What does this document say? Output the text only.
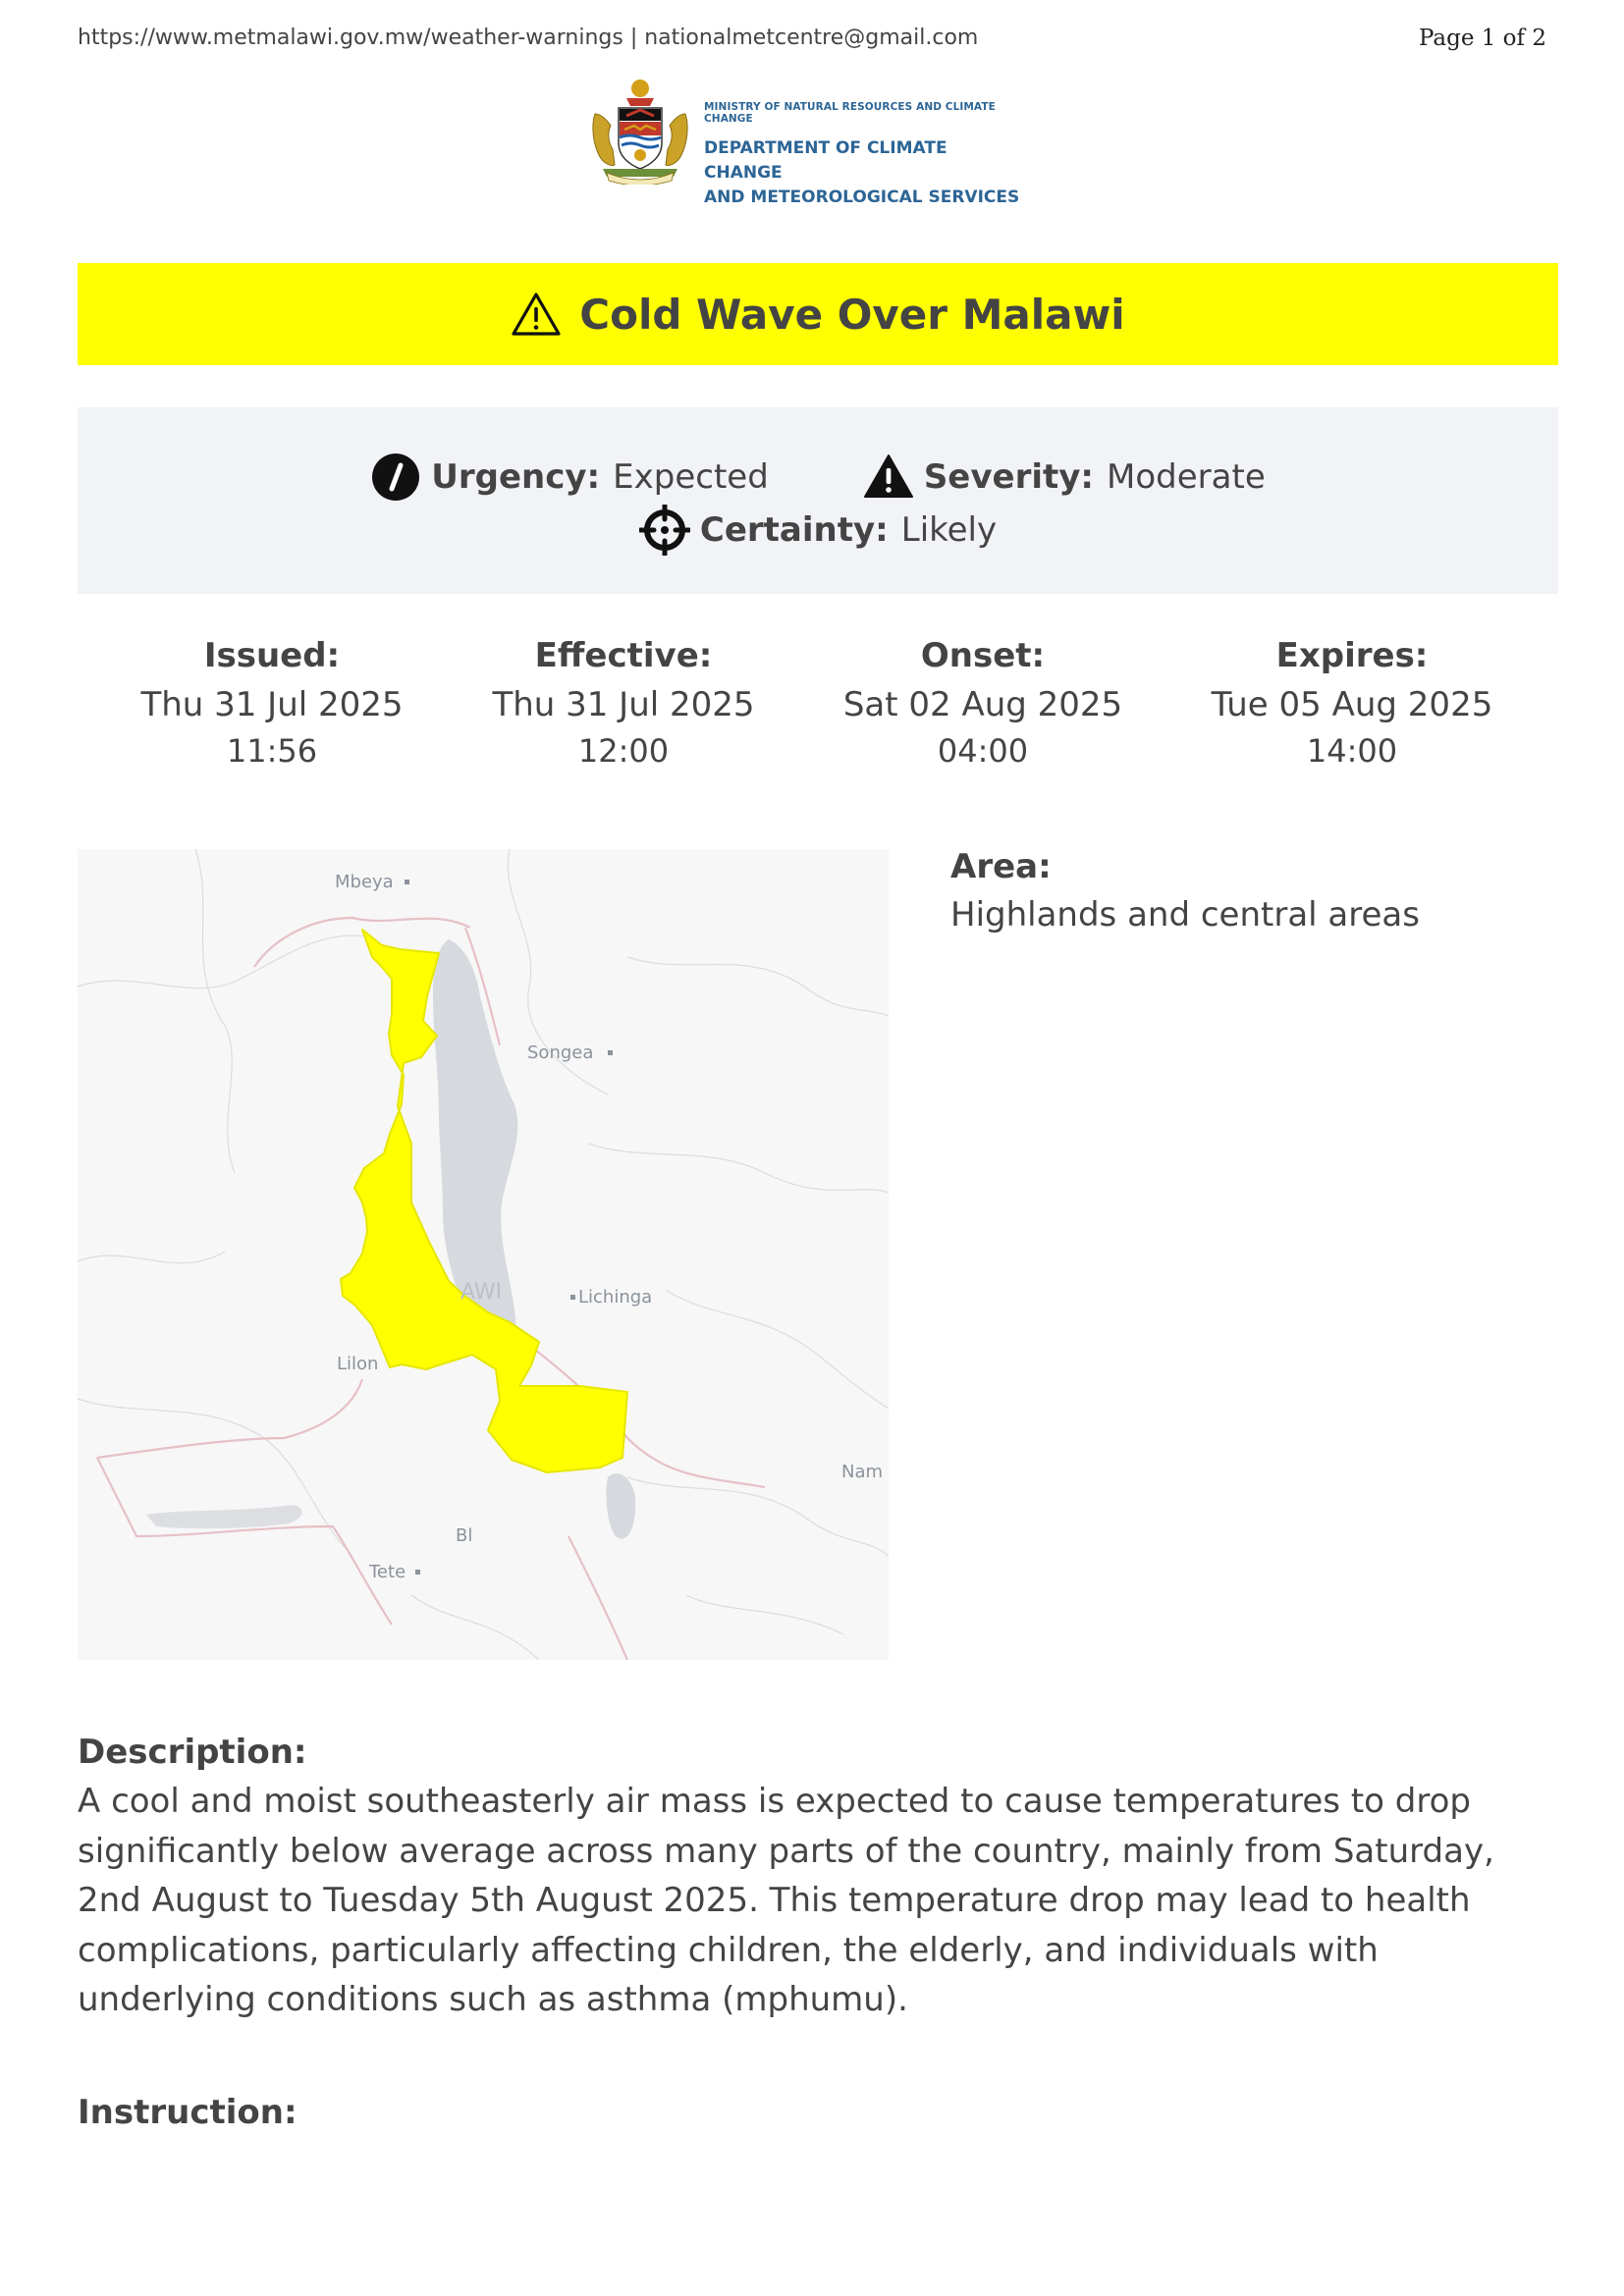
https://www.metmalawi.gov.mw/weather-warnings | nationalmetcentre@gmail.com	Page 1 of 2
MINISTRY OF NATURAL RESOURCES AND CLIMATE CHANGE
DEPARTMENT OF CLIMATE CHANGE
AND METEOROLOGICAL SERVICES
Cold Wave Over Malawi
Urgency: Expected	Severity: Moderate
Certainty: Likely
Issued:
Thu 31 Jul 2025
11:56
Effective:
Thu 31 Jul 2025
12:00
Onset:
Sat 02 Aug 2025
04:00
Expires:
Tue 05 Aug 2025
14:00
Mbeya
Songea
Lichinga
AWI
Lilon
Bl
Tete
Nam
Area:
Highlands and central areas
Description:
A cool and moist southeasterly air mass is expected to cause temperatures to drop significantly below average across many parts of the country, mainly from Saturday, 2nd August to Tuesday 5th August 2025. This temperature drop may lead to health complications, particularly affecting children, the elderly, and individuals with underlying conditions such as asthma (mphumu).
Instruction:
